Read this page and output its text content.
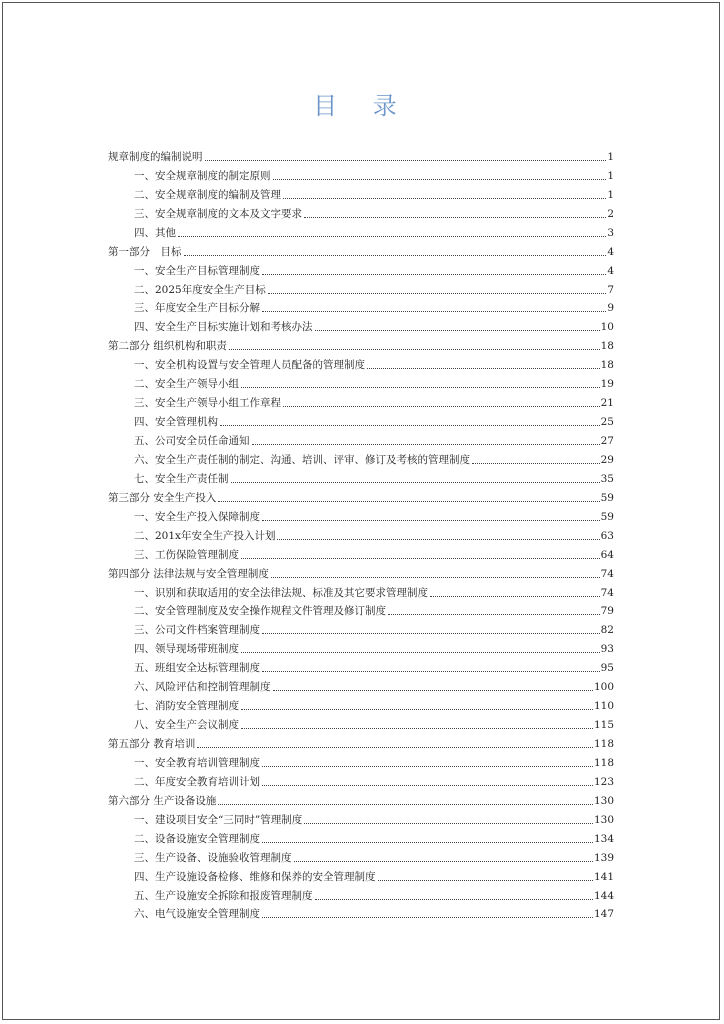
目 录
规章制度的编制说明	1
一、安全规章制度的制定原则	1
二、安全规章制度的编制及管理	1
三、安全规章制度的文本及文字要求	2
四、其他	3
第一部分　目标	4
一、安全生产目标管理制度	4
二、2025年度安全生产目标	7
三、年度安全生产目标分解	9
四、安全生产目标实施计划和考核办法	10
第二部分 组织机构和职责	18
一、安全机构设置与安全管理人员配备的管理制度	18
二、安全生产领导小组	19
三、安全生产领导小组工作章程	21
四、安全管理机构	25
五、公司安全员任命通知	27
六、安全生产责任制的制定、沟通、培训、评审、修订及考核的管理制度	29
七、安全生产责任制	35
第三部分 安全生产投入	59
一、安全生产投入保障制度	59
二、201x年安全生产投入计划	63
三、工伤保险管理制度	64
第四部分 法律法规与安全管理制度	74
一、识别和获取适用的安全法律法规、标准及其它要求管理制度	74
二、安全管理制度及安全操作规程文件管理及修订制度	79
三、公司文件档案管理制度	82
四、领导现场带班制度	93
五、班组安全达标管理制度	95
六、风险评估和控制管理制度	100
七、消防安全管理制度	110
八、安全生产会议制度	115
第五部分 教育培训	118
一、安全教育培训管理制度	118
二、年度安全教育培训计划	123
第六部分 生产设备设施	130
一、建设项目安全“三同时”管理制度	130
二、设备设施安全管理制度	134
三、生产设备、设施验收管理制度	139
四、生产设施设备检修、维修和保养的安全管理制度	141
五、生产设施安全拆除和报废管理制度	144
六、电气设施安全管理制度	147
